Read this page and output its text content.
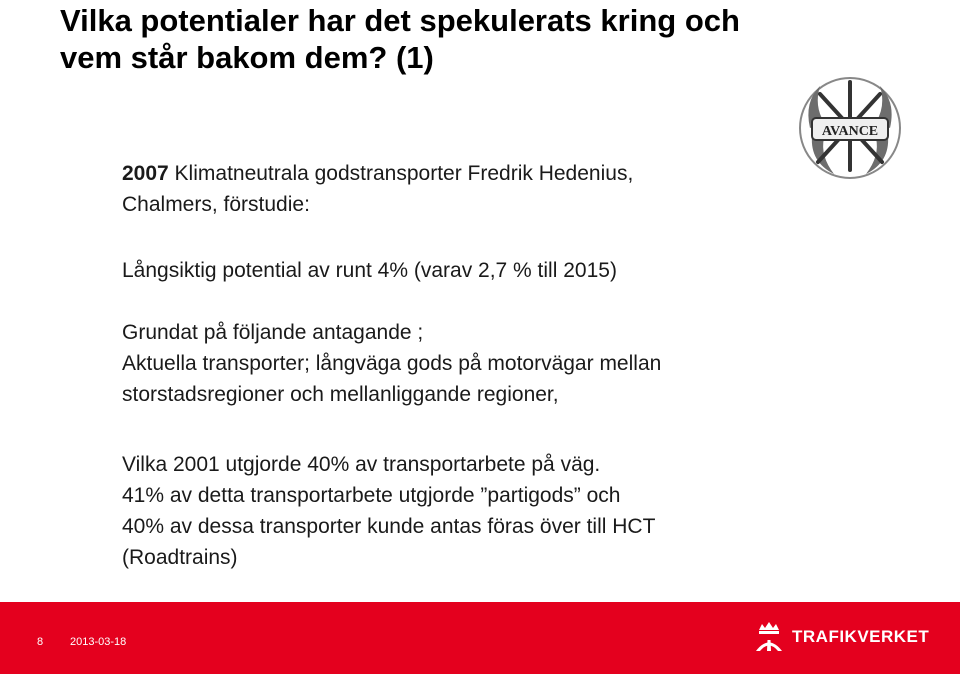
Vilka potentialer har det spekulerats kring och
vem står bakom dem? (1)
AVANCE
2007 Klimatneutrala godstransporter Fredrik Hedenius,
Chalmers, förstudie:
Långsiktig potential av runt 4% (varav 2,7 % till 2015)
Grundat på följande antagande ;
Aktuella transporter; långväga gods på motorvägar mellan
storstadsregioner och mellanliggande regioner,
Vilka 2001 utgjorde 40% av transportarbete på väg.
41% av detta transportarbete utgjorde ”partigods” och
40% av dessa transporter kunde antas föras över till HCT
(Roadtrains)
8 2013-03-18	TRAFIKVERKET
